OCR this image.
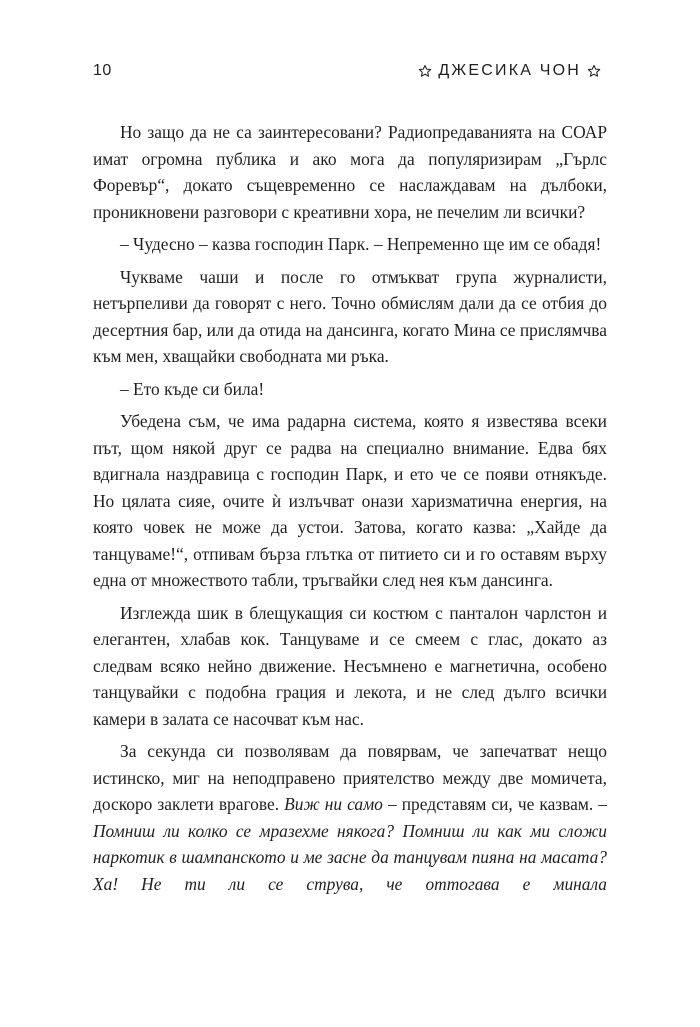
10	ДЖЕСИКА ЧОН

Но защо да не са заинтересовани? Радиопредаванията на СОАР имат огромна публика и ако мога да популяризирам „Гърлс Форевър“, докато същевременно се наслаждавам на дълбоки, проникновени разговори с креативни хора, не печелим ли всички?

– Чудесно – казва господин Парк. – Непременно ще им се обадя!

Чукваме чаши и после го отмъкват група журналисти, нетърпеливи да говорят с него. Точно обмислям дали да се отбия до десертния бар, или да отида на дансинга, когато Мина се прислямчва към мен, хващайки свободната ми ръка.

– Ето къде си била!

Убедена съм, че има радарна система, която я известява всеки път, щом някой друг се радва на специално внимание. Едва бях вдигнала наздравица с господин Парк, и ето че се появи отнякъде. Но цялата сияе, очите ѝ излъчват онази харизматична енергия, на която човек не може да устои. Затова, когато казва: „Хайде да танцуваме!“, отпивам бърза глътка от питието си и го оставям върху една от множеството табли, тръгвайки след нея към дансинга.

Изглежда шик в блещукащия си костюм с панталон чарлстон и елегантен, хлабав кок. Танцуваме и се смеем с глас, докато аз следвам всяко нейно движение. Несъмнено е магнетична, особено танцувайки с подобна грация и лекота, и не след дълго всички камери в залата се насочват към нас.

За секунда си позволявам да повярвам, че запечатват нещо истинско, миг на неподправено приятелство между две момичета, доскоро заклети врагове. Виж ни само – представям си, че казвам. – Помниш ли колко се мразехме някога? Помниш ли как ми сложи наркотик в шампанското и ме засне да танцувам пияна на масата? Ха! Не ти ли се струва, че оттогава е минала
